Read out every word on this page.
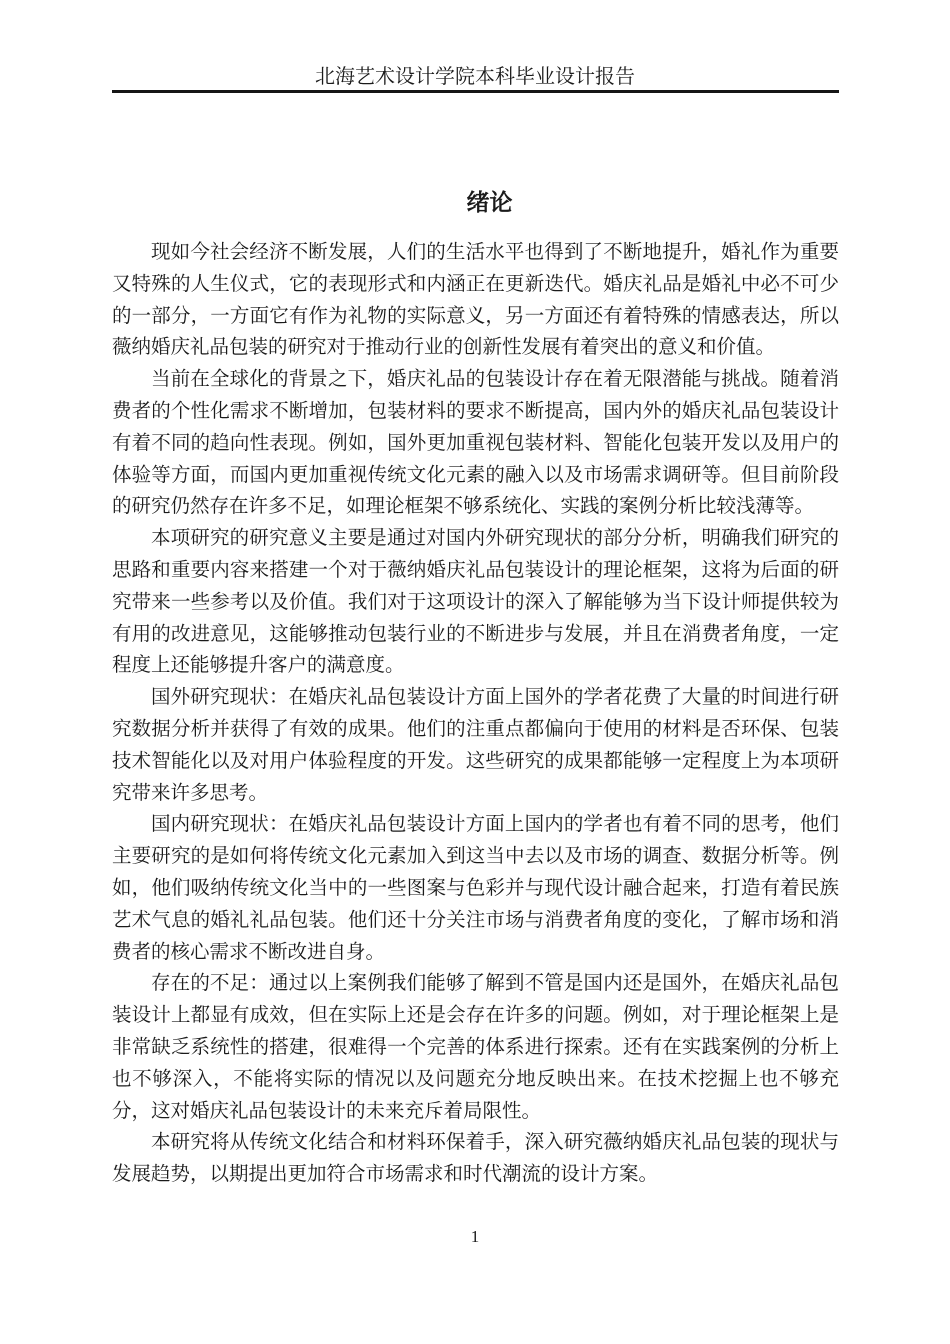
北海艺术设计学院本科毕业设计报告
绪论

现如今社会经济不断发展，人们的生活水平也得到了不断地提升，婚礼作为重要又特殊的人生仪式，它的表现形式和内涵正在更新迭代。婚庆礼品是婚礼中必不可少的一部分，一方面它有作为礼物的实际意义，另一方面还有着特殊的情感表达，所以薇纳婚庆礼品包装的研究对于推动行业的创新性发展有着突出的意义和价值。

当前在全球化的背景之下，婚庆礼品的包装设计存在着无限潜能与挑战。随着消费者的个性化需求不断增加，包装材料的要求不断提高，国内外的婚庆礼品包装设计有着不同的趋向性表现。例如，国外更加重视包装材料、智能化包装开发以及用户的体验等方面，而国内更加重视传统文化元素的融入以及市场需求调研等。但目前阶段的研究仍然存在许多不足，如理论框架不够系统化、实践的案例分析比较浅薄等。

本项研究的研究意义主要是通过对国内外研究现状的部分分析，明确我们研究的思路和重要内容来搭建一个对于薇纳婚庆礼品包装设计的理论框架，这将为后面的研究带来一些参考以及价值。我们对于这项设计的深入了解能够为当下设计师提供较为有用的改进意见，这能够推动包装行业的不断进步与发展，并且在消费者角度，一定程度上还能够提升客户的满意度。

国外研究现状：在婚庆礼品包装设计方面上国外的学者花费了大量的时间进行研究数据分析并获得了有效的成果。他们的注重点都偏向于使用的材料是否环保、包装技术智能化以及对用户体验程度的开发。这些研究的成果都能够一定程度上为本项研究带来许多思考。

国内研究现状：在婚庆礼品包装设计方面上国内的学者也有着不同的思考，他们主要研究的是如何将传统文化元素加入到这当中去以及市场的调查、数据分析等。例如，他们吸纳传统文化当中的一些图案与色彩并与现代设计融合起来，打造有着民族艺术气息的婚礼礼品包装。他们还十分关注市场与消费者角度的变化，了解市场和消费者的核心需求不断改进自身。

存在的不足：通过以上案例我们能够了解到不管是国内还是国外，在婚庆礼品包装设计上都显有成效，但在实际上还是会存在许多的问题。例如，对于理论框架上是非常缺乏系统性的搭建，很难得一个完善的体系进行探索。还有在实践案例的分析上也不够深入，不能将实际的情况以及问题充分地反映出来。在技术挖掘上也不够充分，这对婚庆礼品包装设计的未来充斥着局限性。

本研究将从传统文化结合和材料环保着手，深入研究薇纳婚庆礼品包装的现状与发展趋势，以期提出更加符合市场需求和时代潮流的设计方案。

1
